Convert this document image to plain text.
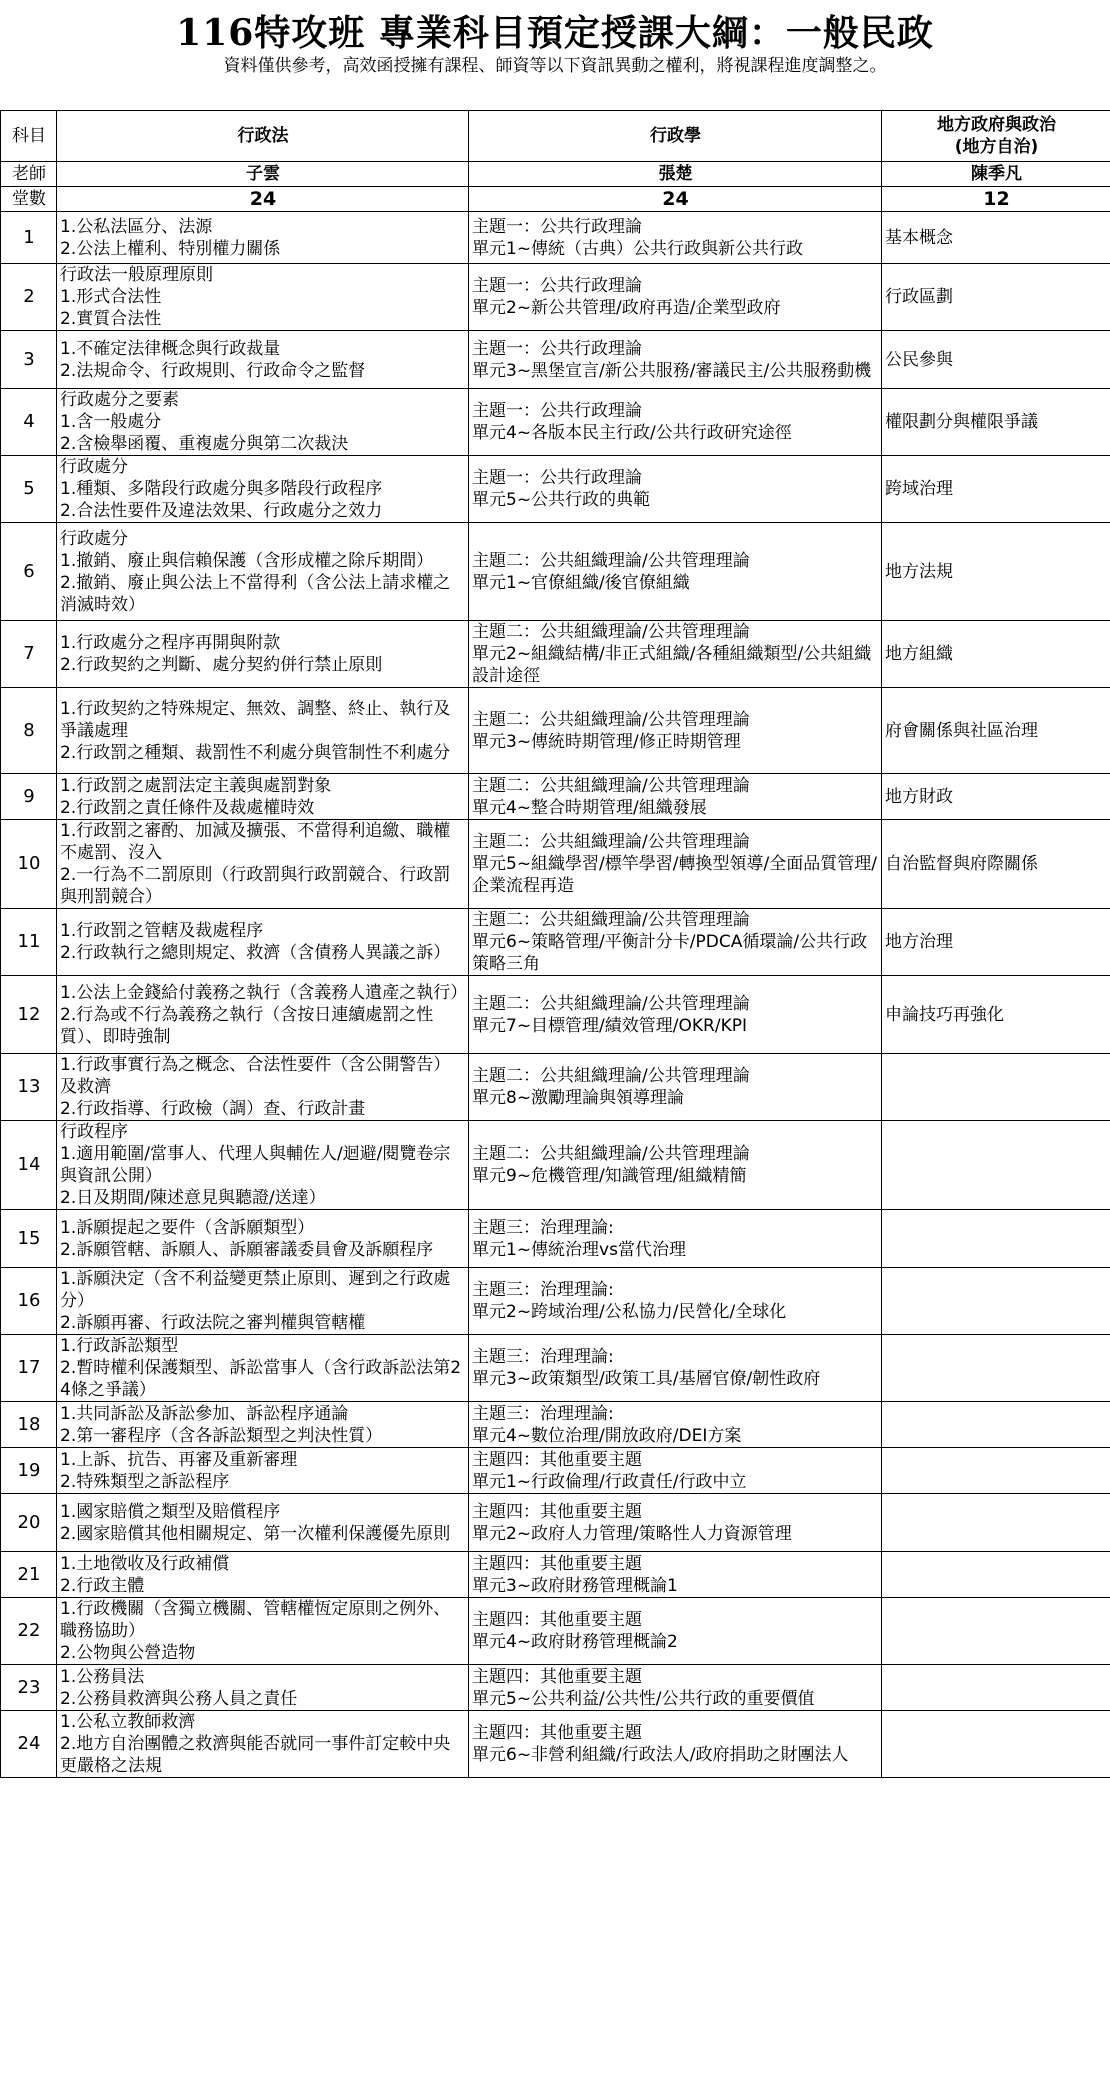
116特攻班 專業科目預定授課大綱：一般民政
資料僅供參考，高效函授擁有課程、師資等以下資訊異動之權利，將視課程進度調整之。
科目	行政法	行政學	地方政府與政治
(地方自治)

老師	子雲	張楚	陳季凡
堂數	24	24	12
1	1.公私法區分、法源
2.公法上權利、特別權力關係	主題一：公共行政理論
單元1~傳統（古典）公共行政與新公共行政	基本概念
2	行政法一般原理原則
1.形式合法性
2.實質合法性	主題一：公共行政理論
單元2~新公共管理/政府再造/企業型政府	行政區劃
3	1.不確定法律概念與行政裁量
2.法規命令、行政規則、行政命令之監督	主題一：公共行政理論
單元3~黑堡宣言/新公共服務/審議民主/公共服務動機	公民參與
4	行政處分之要素
1.含一般處分
2.含檢舉函覆、重複處分與第二次裁決	主題一：公共行政理論
單元4~各版本民主行政/公共行政研究途徑	權限劃分與權限爭議
5	行政處分
1.種類、多階段行政處分與多階段行政程序
2.合法性要件及違法效果、行政處分之效力	主題一：公共行政理論
單元5~公共行政的典範	跨域治理
6	行政處分
1.撤銷、廢止與信賴保護（含形成權之除斥期間）
2.撤銷、廢止與公法上不當得利（含公法上請求權之消滅時效）	主題二：公共組織理論/公共管理理論
單元1~官僚組織/後官僚組織	地方法規
7	1.行政處分之程序再開與附款
2.行政契約之判斷、處分契約併行禁止原則	主題二：公共組織理論/公共管理理論
單元2~組織結構/非正式組織/各種組織類型/公共組織設計途徑	地方組織
8	1.行政契約之特殊規定、無效、調整、終止、執行及爭議處理
2.行政罰之種類、裁罰性不利處分與管制性不利處分	主題二：公共組織理論/公共管理理論
單元3~傳統時期管理/修正時期管理	府會關係與社區治理
9	1.行政罰之處罰法定主義與處罰對象
2.行政罰之責任條件及裁處權時效	主題二：公共組織理論/公共管理理論
單元4~整合時期管理/組織發展	地方財政
10	1.行政罰之審酌、加減及擴張、不當得利追繳、職權不處罰、沒入
2.一行為不二罰原則（行政罰與行政罰競合、行政罰與刑罰競合）	主題二：公共組織理論/公共管理理論
單元5~組織學習/標竿學習/轉換型領導/全面品質管理/企業流程再造	自治監督與府際關係
11	1.行政罰之管轄及裁處程序
2.行政執行之總則規定、救濟（含債務人異議之訴）	主題二：公共組織理論/公共管理理論
單元6~策略管理/平衡計分卡/PDCA循環論/公共行政策略三角	地方治理
12	1.公法上金錢給付義務之執行（含義務人遺產之執行）
2.行為或不行為義務之執行（含按日連續處罰之性質）、即時強制	主題二：公共組織理論/公共管理理論
單元7~目標管理/績效管理/OKR/KPI	申論技巧再強化
13	1.行政事實行為之概念、合法性要件（含公開警告）及救濟
2.行政指導、行政檢（調）查、行政計畫	主題二：公共組織理論/公共管理理論
單元8~激勵理論與領導理論	

14	行政程序
1.適用範圍/當事人、代理人與輔佐人/迴避/閱覽卷宗與資訊公開）
2.日及期間/陳述意見與聽證/送達）	主題二：公共組織理論/公共管理理論
單元9~危機管理/知識管理/組織精簡	

15	1.訴願提起之要件（含訴願類型）
2.訴願管轄、訴願人、訴願審議委員會及訴願程序	主題三：治理理論:
單元1~傳統治理vs當代治理	

16	1.訴願決定（含不利益變更禁止原則、遲到之行政處分）
2.訴願再審、行政法院之審判權與管轄權	主題三：治理理論:
單元2~跨域治理/公私協力/民營化/全球化	

17	1.行政訴訟類型
2.暫時權利保護類型、訴訟當事人（含行政訴訟法第24條之爭議）	主題三：治理理論:
單元3~政策類型/政策工具/基層官僚/韌性政府	

18	1.共同訴訟及訴訟參加、訴訟程序通論
2.第一審程序（含各訴訟類型之判決性質）	主題三：治理理論:
單元4~數位治理/開放政府/DEI方案	

19	1.上訴、抗告、再審及重新審理
2.特殊類型之訴訟程序	主題四：其他重要主題
單元1~行政倫理/行政責任/行政中立	

20	1.國家賠償之類型及賠償程序
2.國家賠償其他相關規定、第一次權利保護優先原則	主題四：其他重要主題
單元2~政府人力管理/策略性人力資源管理	

21	1.土地徵收及行政補償
2.行政主體	主題四：其他重要主題
單元3~政府財務管理概論1	

22	1.行政機關（含獨立機關、管轄權恆定原則之例外、職務協助）
2.公物與公營造物	主題四：其他重要主題
單元4~政府財務管理概論2	

23	1.公務員法
2.公務員救濟與公務人員之責任	主題四：其他重要主題
單元5~公共利益/公共性/公共行政的重要價值	

24	1.公私立教師救濟
2.地方自治團體之救濟與能否就同一事件訂定較中央更嚴格之法規	主題四：其他重要主題
單元6~非營利組織/行政法人/政府捐助之財團法人	
